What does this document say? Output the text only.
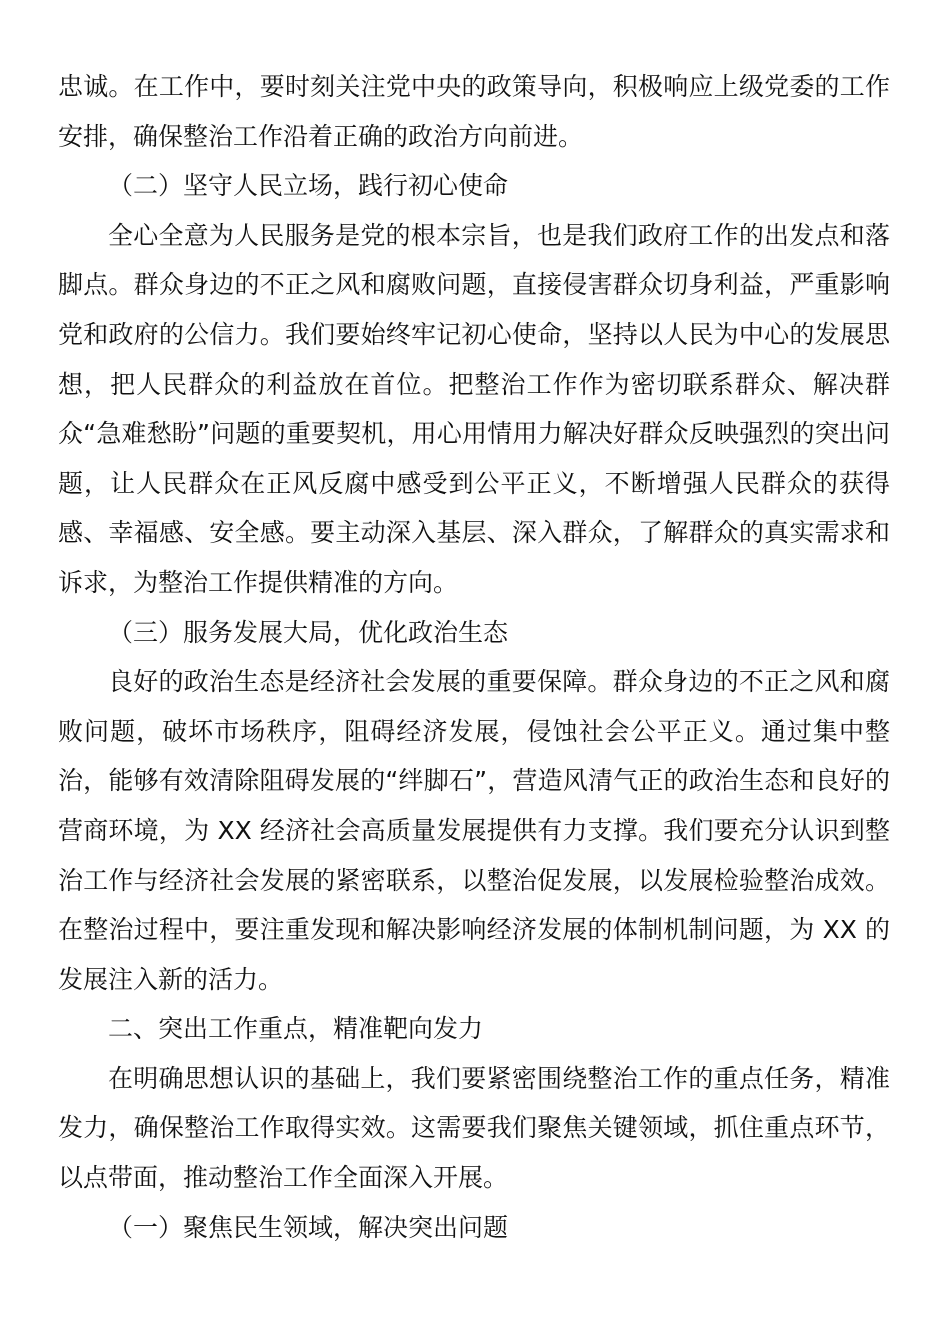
忠诚。在工作中，要时刻关注党中央的政策导向，积极响应上级党委的工作安排，确保整治工作沿着正确的政治方向前进。

（二）坚守人民立场，践行初心使命

全心全意为人民服务是党的根本宗旨，也是我们政府工作的出发点和落脚点。群众身边的不正之风和腐败问题，直接侵害群众切身利益，严重影响党和政府的公信力。我们要始终牢记初心使命，坚持以人民为中心的发展思想，把人民群众的利益放在首位。把整治工作作为密切联系群众、解决群众“急难愁盼”问题的重要契机，用心用情用力解决好群众反映强烈的突出问题，让人民群众在正风反腐中感受到公平正义，不断增强人民群众的获得感、幸福感、安全感。要主动深入基层、深入群众，了解群众的真实需求和诉求，为整治工作提供精准的方向。

（三）服务发展大局，优化政治生态

良好的政治生态是经济社会发展的重要保障。群众身边的不正之风和腐败问题，破坏市场秩序，阻碍经济发展，侵蚀社会公平正义。通过集中整治，能够有效清除阻碍发展的“绊脚石”，营造风清气正的政治生态和良好的营商环境，为 XX 经济社会高质量发展提供有力支撑。我们要充分认识到整治工作与经济社会发展的紧密联系，以整治促发展，以发展检验整治成效。在整治过程中，要注重发现和解决影响经济发展的体制机制问题，为 XX 的发展注入新的活力。

二、突出工作重点，精准靶向发力

在明确思想认识的基础上，我们要紧密围绕整治工作的重点任务，精准发力，确保整治工作取得实效。这需要我们聚焦关键领域，抓住重点环节，以点带面，推动整治工作全面深入开展。

（一）聚焦民生领域，解决突出问题
